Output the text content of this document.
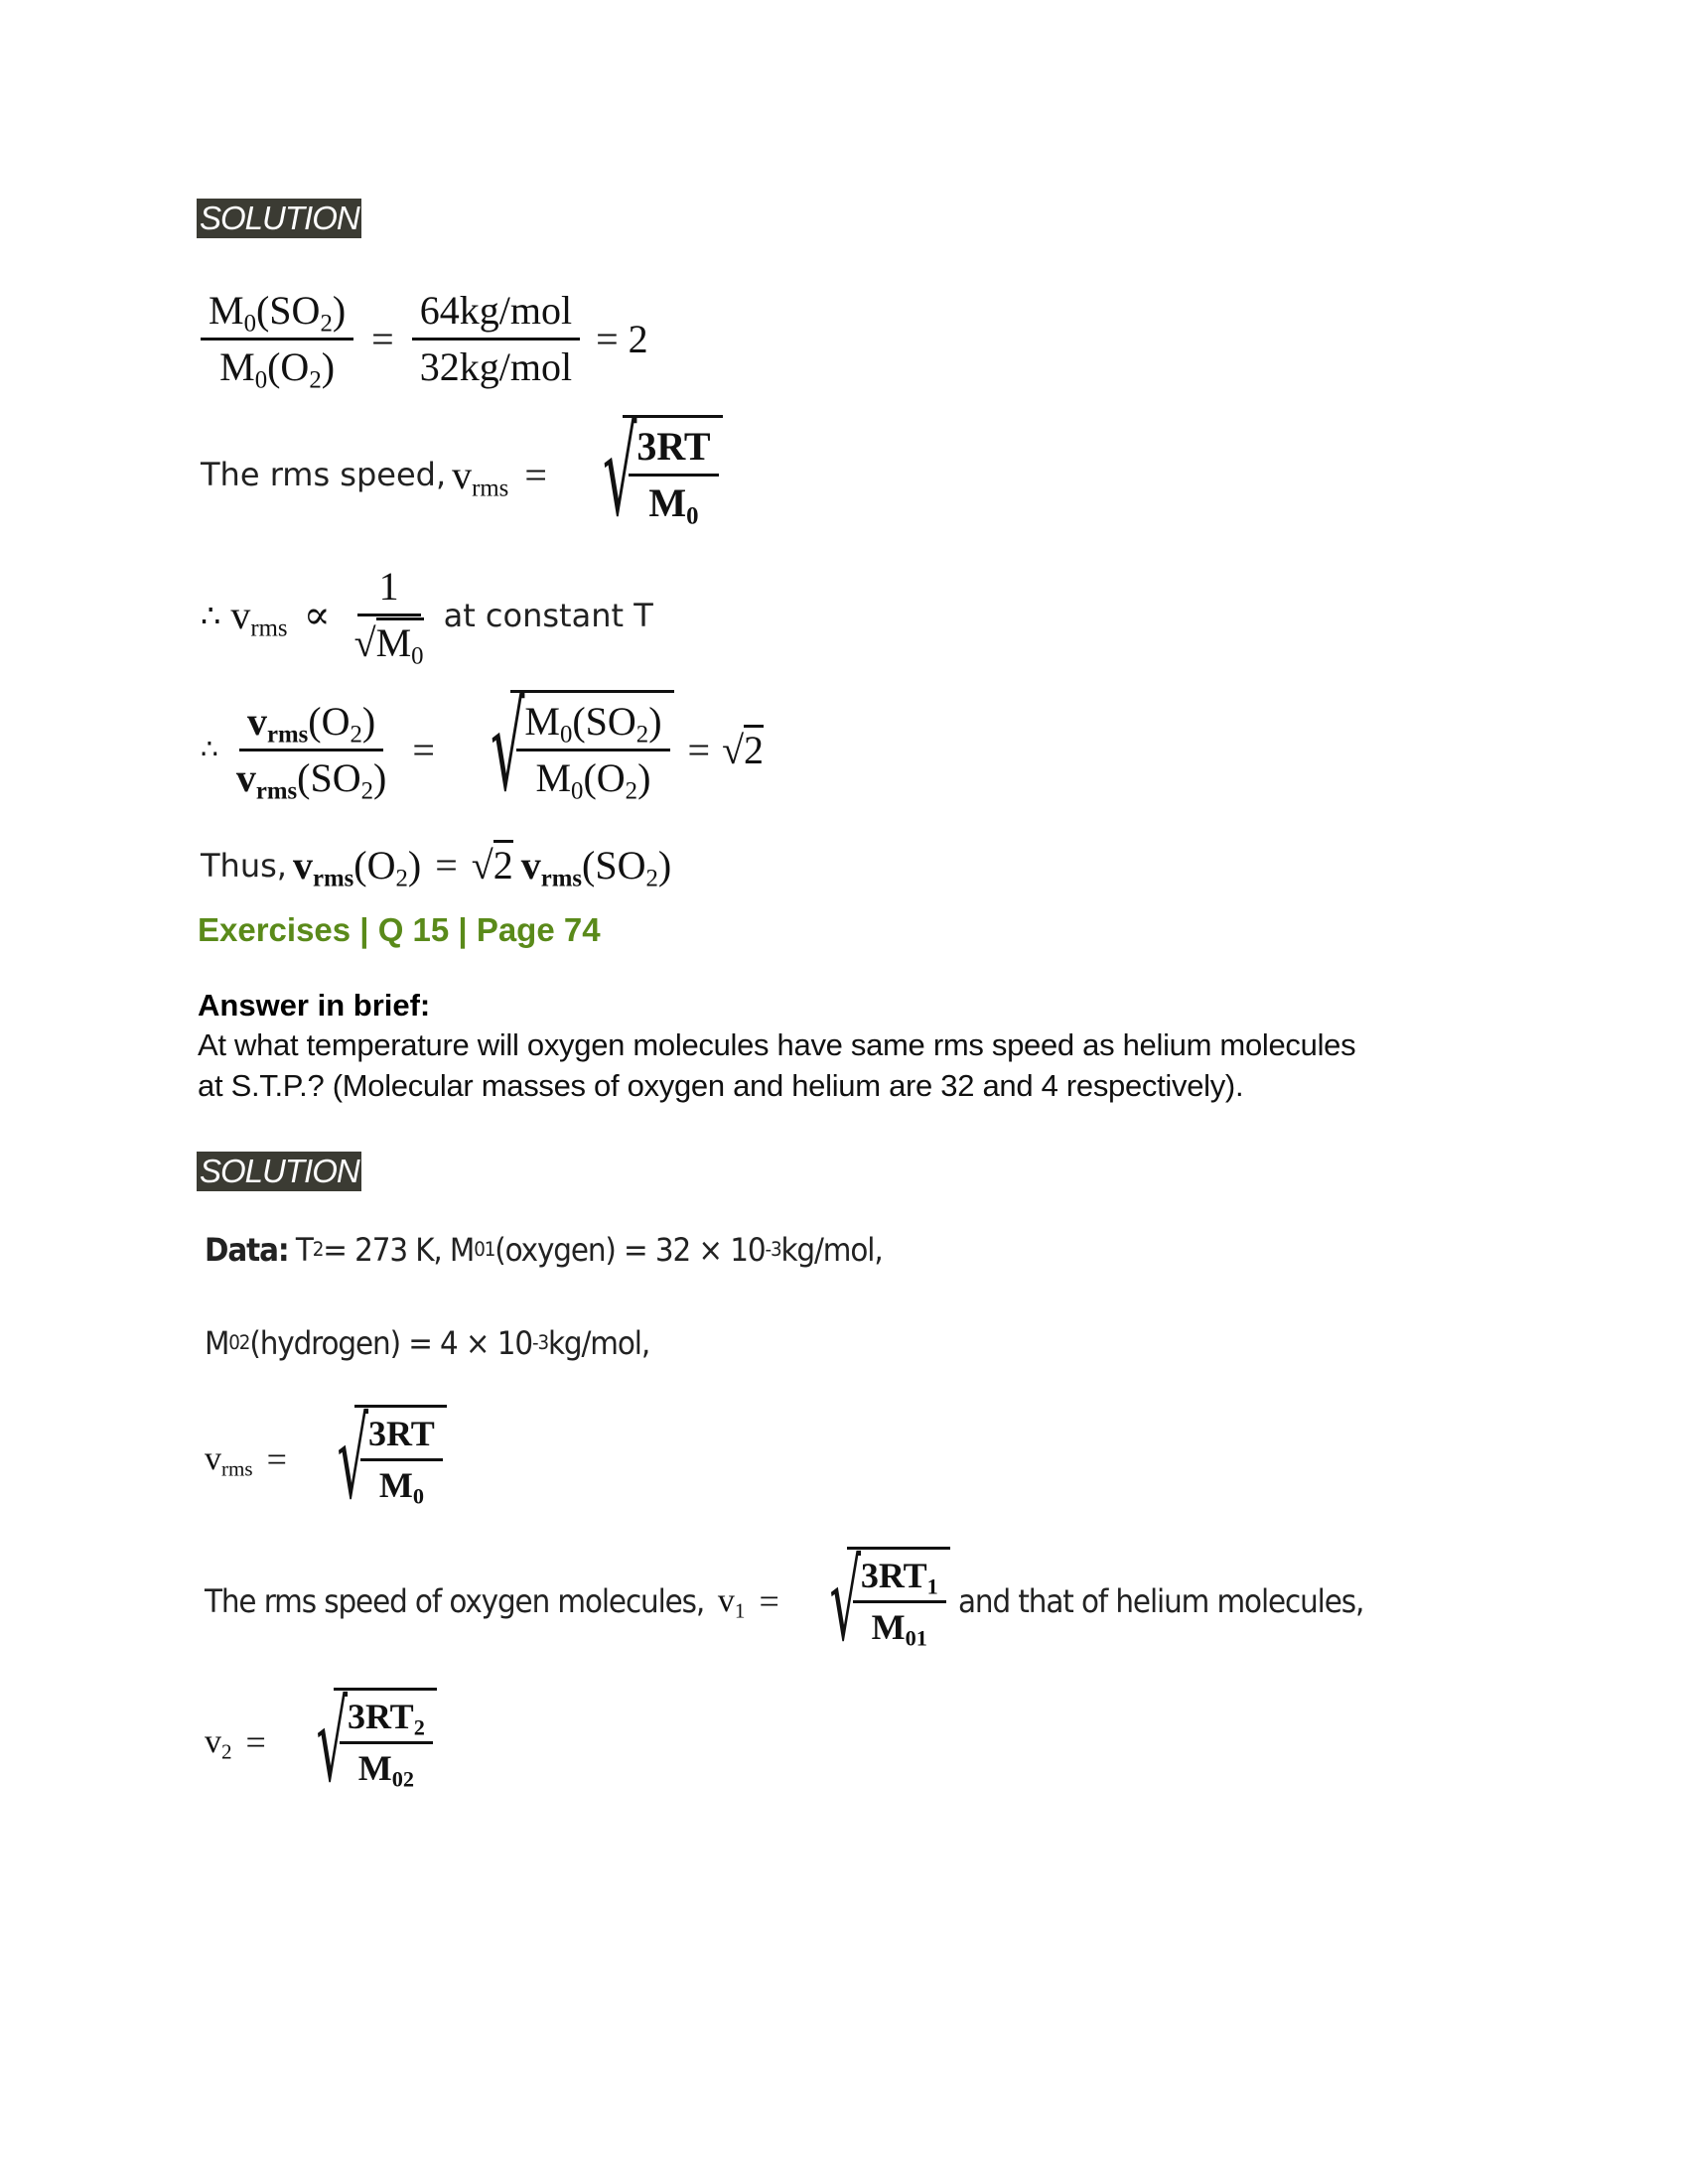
SOLUTION
$\frac{M_0(SO_2)}{M_0(O_2)} = \frac{\text{64kg/mol}}{\text{32kg/mol}} = 2$
The rms speed, $v_{rms}$ = √
$\frac{3RT}{M_0}$
∴ $v_{rms} \propto \frac{1}{√M_0}$ at constant T
∴ $\frac{v_{rms}(O_2)}{v_{rms}(SO_2)}$ = √
$\frac{M_0(SO_2)}{M_0(O_2)} = √2$
Thus, $v_{rms}(O_2) = √2$ $v_{rms}(SO_2)$
Exercises | Q 15 | Page 74
Answer in brief:
At what temperature will oxygen molecules have same rms speed as helium molecules
at S.T.P.? (Molecular masses of oxygen and helium are 32 and 4 respectively).
SOLUTION
Data: T 2 = 273 K, M 01 (oxygen) = 32 × 10 -3 kg/mol,
M 02 (hydrogen) = 4 × 10 -3 kg/mol,
$v_{rms}$ = √
$\frac{3RT}{M_0}$
The rms speed of oxygen molecules, $v_1$ = √
$\frac{3RT_1}{M_{01}}$ and that of helium molecules,
$v_2$ = √
$\frac{3RT_2}{M_{02}}$
